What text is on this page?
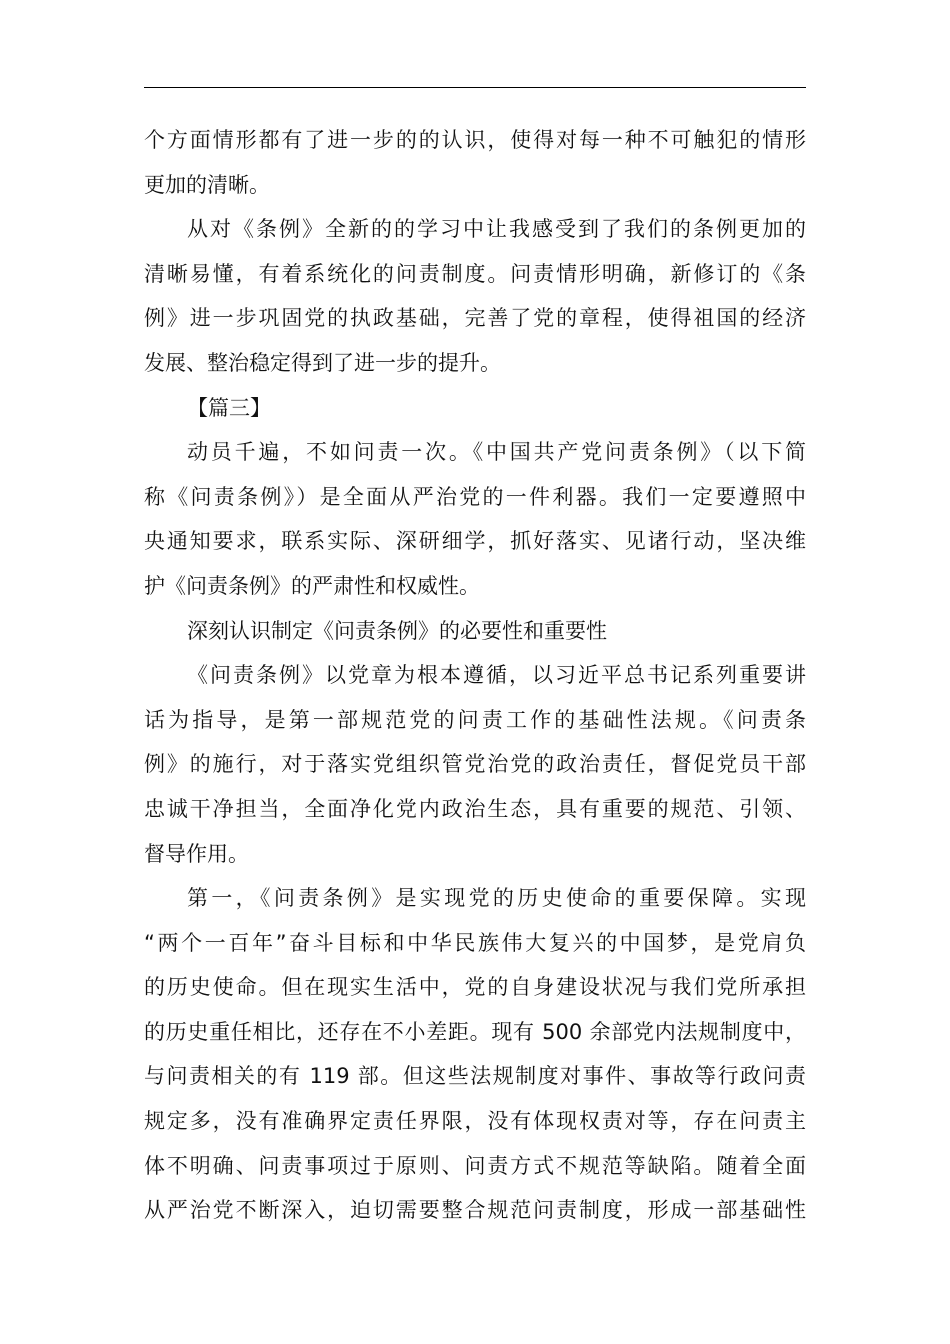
个方面情形都有了进一步的的认识，使得对每一种不可触犯的情形
更加的清晰。
从对《条例》全新的的学习中让我感受到了我们的条例更加的
清晰易懂，有着系统化的问责制度。问责情形明确，新修订的《条
例》进一步巩固党的执政基础，完善了党的章程，使得祖国的经济
发展、整治稳定得到了进一步的提升。
【篇三】
动员千遍，不如问责一次。《中国共产党问责条例》（以下简
称《问责条例》）是全面从严治党的一件利器。我们一定要遵照中
央通知要求，联系实际、深研细学，抓好落实、见诸行动，坚决维
护《问责条例》的严肃性和权威性。
深刻认识制定《问责条例》的必要性和重要性
《问责条例》以党章为根本遵循，以习近平总书记系列重要讲
话为指导，是第一部规范党的问责工作的基础性法规。《问责条
例》的施行，对于落实党组织管党治党的政治责任，督促党员干部
忠诚干净担当，全面净化党内政治生态，具有重要的规范、引领、
督导作用。
第一，《问责条例》是实现党的历史使命的重要保障。实现
“两个一百年”奋斗目标和中华民族伟大复兴的中国梦，是党肩负
的历史使命。但在现实生活中，党的自身建设状况与我们党所承担
的历史重任相比，还存在不小差距。现有 500 余部党内法规制度中，
与问责相关的有 119 部。但这些法规制度对事件、事故等行政问责
规定多，没有准确界定责任界限，没有体现权责对等，存在问责主
体不明确、问责事项过于原则、问责方式不规范等缺陷。随着全面
从严治党不断深入，迫切需要整合规范问责制度，形成一部基础性
